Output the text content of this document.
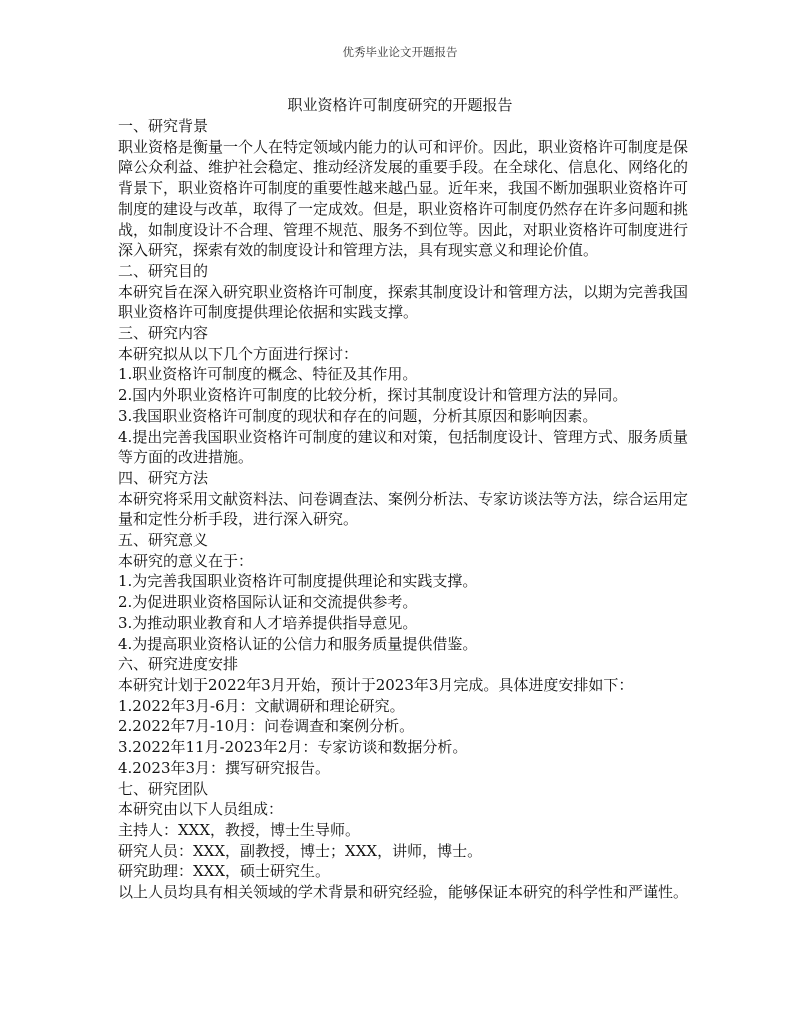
优秀毕业论文开题报告
职业资格许可制度研究的开题报告

一、研究背景

职业资格是衡量一个人在特定领域内能力的认可和评价。因此，职业资格许可制度是保障公众利益、维护社会稳定、推动经济发展的重要手段。在全球化、信息化、网络化的背景下，职业资格许可制度的重要性越来越凸显。近年来，我国不断加强职业资格许可制度的建设与改革，取得了一定成效。但是，职业资格许可制度仍然存在许多问题和挑战，如制度设计不合理、管理不规范、服务不到位等。因此，对职业资格许可制度进行深入研究，探索有效的制度设计和管理方法，具有现实意义和理论价值。

二、研究目的

本研究旨在深入研究职业资格许可制度，探索其制度设计和管理方法，以期为完善我国职业资格许可制度提供理论依据和实践支撑。

三、研究内容

本研究拟从以下几个方面进行探讨：

1.职业资格许可制度的概念、特征及其作用。

2.国内外职业资格许可制度的比较分析，探讨其制度设计和管理方法的异同。

3.我国职业资格许可制度的现状和存在的问题，分析其原因和影响因素。

4.提出完善我国职业资格许可制度的建议和对策，包括制度设计、管理方式、服务质量等方面的改进措施。

四、研究方法

本研究将采用文献资料法、问卷调查法、案例分析法、专家访谈法等方法，综合运用定量和定性分析手段，进行深入研究。

五、研究意义

本研究的意义在于：

1.为完善我国职业资格许可制度提供理论和实践支撑。

2.为促进职业资格国际认证和交流提供参考。

3.为推动职业教育和人才培养提供指导意见。

4.为提高职业资格认证的公信力和服务质量提供借鉴。

六、研究进度安排

本研究计划于2022年3月开始，预计于2023年3月完成。具体进度安排如下：

1.2022年3月-6月：文献调研和理论研究。

2.2022年7月-10月：问卷调查和案例分析。

3.2022年11月-2023年2月：专家访谈和数据分析。

4.2023年3月：撰写研究报告。

七、研究团队

本研究由以下人员组成：

主持人：XXX，教授，博士生导师。

研究人员：XXX，副教授，博士；XXX，讲师，博士。

研究助理：XXX，硕士研究生。

以上人员均具有相关领域的学术背景和研究经验，能够保证本研究的科学性和严谨性。
